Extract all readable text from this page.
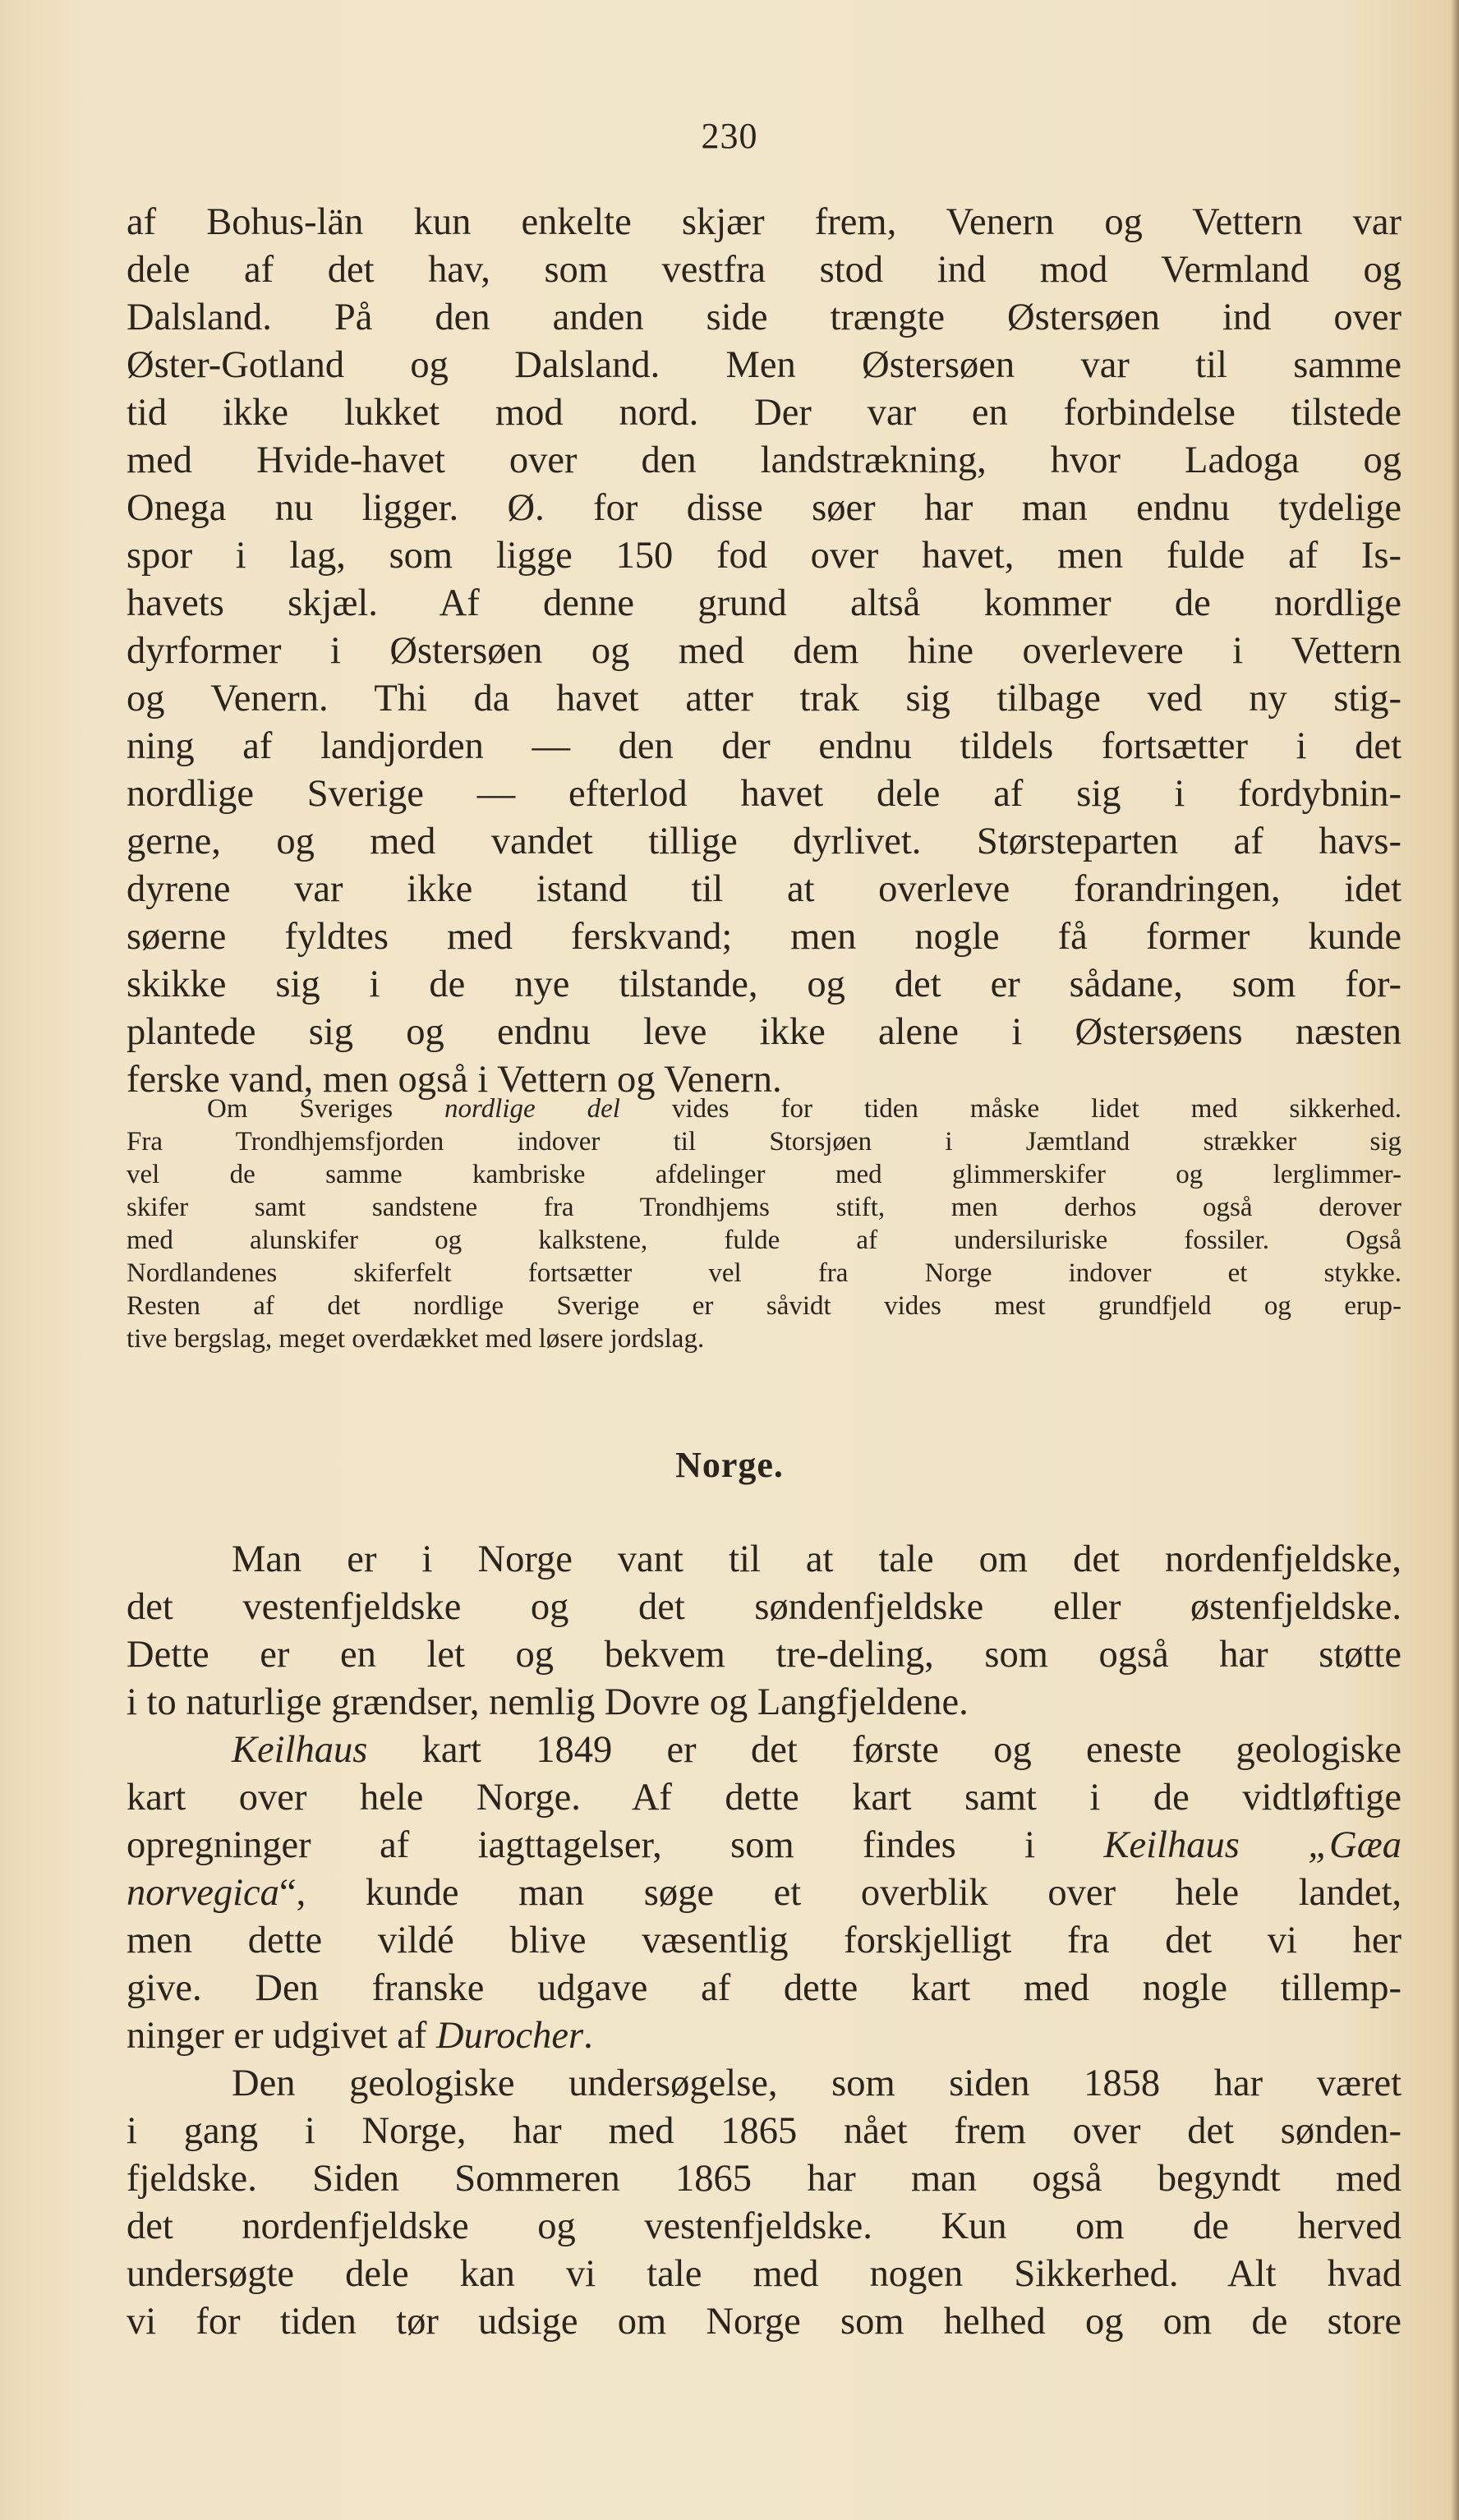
230
af Bohus-län kun enkelte skjær frem, Venern og Vettern var
dele af det hav, som vestfra stod ind mod Vermland og
Dalsland. På den anden side trængte Østersøen ind over
Øster-Gotland og Dalsland. Men Østersøen var til samme
tid ikke lukket mod nord. Der var en forbindelse tilstede
med Hvide-havet over den landstrækning, hvor Ladoga og
Onega nu ligger. Ø. for disse søer har man endnu tydelige
spor i lag, som ligge 150 fod over havet, men fulde af Is-
havets skjæl. Af denne grund altså kommer de nordlige
dyrformer i Østersøen og med dem hine overlevere i Vettern
og Venern. Thi da havet atter trak sig tilbage ved ny stig-
ning af landjorden — den der endnu tildels fortsætter i det
nordlige Sverige — efterlod havet dele af sig i fordybnin-
gerne, og med vandet tillige dyrlivet. Størsteparten af havs-
dyrene var ikke istand til at overleve forandringen, idet
søerne fyldtes med ferskvand; men nogle få former kunde
skikke sig i de nye tilstande, og det er sådane, som for-
plantede sig og endnu leve ikke alene i Østersøens næsten
ferske vand, men også i Vettern og Venern.
Om Sveriges nordlige del vides for tiden måske lidet med sikkerhed.
Fra Trondhjemsfjorden indover til Storsjøen i Jæmtland strækker sig
vel de samme kambriske afdelinger med glimmerskifer og lerglimmer-
skifer samt sandstene fra Trondhjems stift, men derhos også derover
med alunskifer og kalkstene, fulde af undersiluriske fossiler. Også
Nordlandenes skiferfelt fortsætter vel fra Norge indover et stykke.
Resten af det nordlige Sverige er såvidt vides mest grundfjeld og erup-
tive bergslag, meget overdækket med løsere jordslag.
Norge.
Man er i Norge vant til at tale om det nordenfjeldske,
det vestenfjeldske og det søndenfjeldske eller østenfjeldske.
Dette er en let og bekvem tre-deling, som også har støtte
i to naturlige grændser, nemlig Dovre og Langfjeldene.
Keilhaus kart 1849 er det første og eneste geologiske
kart over hele Norge. Af dette kart samt i de vidtløftige
opregninger af iagttagelser, som findes i Keilhaus „Gæa
norvegica“, kunde man søge et overblik over hele landet,
men dette vildé blive væsentlig forskjelligt fra det vi her
give. Den franske udgave af dette kart med nogle tillemp-
ninger er udgivet af Durocher.
Den geologiske undersøgelse, som siden 1858 har været
i gang i Norge, har med 1865 nået frem over det sønden-
fjeldske. Siden Sommeren 1865 har man også begyndt med
det nordenfjeldske og vestenfjeldske. Kun om de herved
undersøgte dele kan vi tale med nogen Sikkerhed. Alt hvad
vi for tiden tør udsige om Norge som helhed og om de store
